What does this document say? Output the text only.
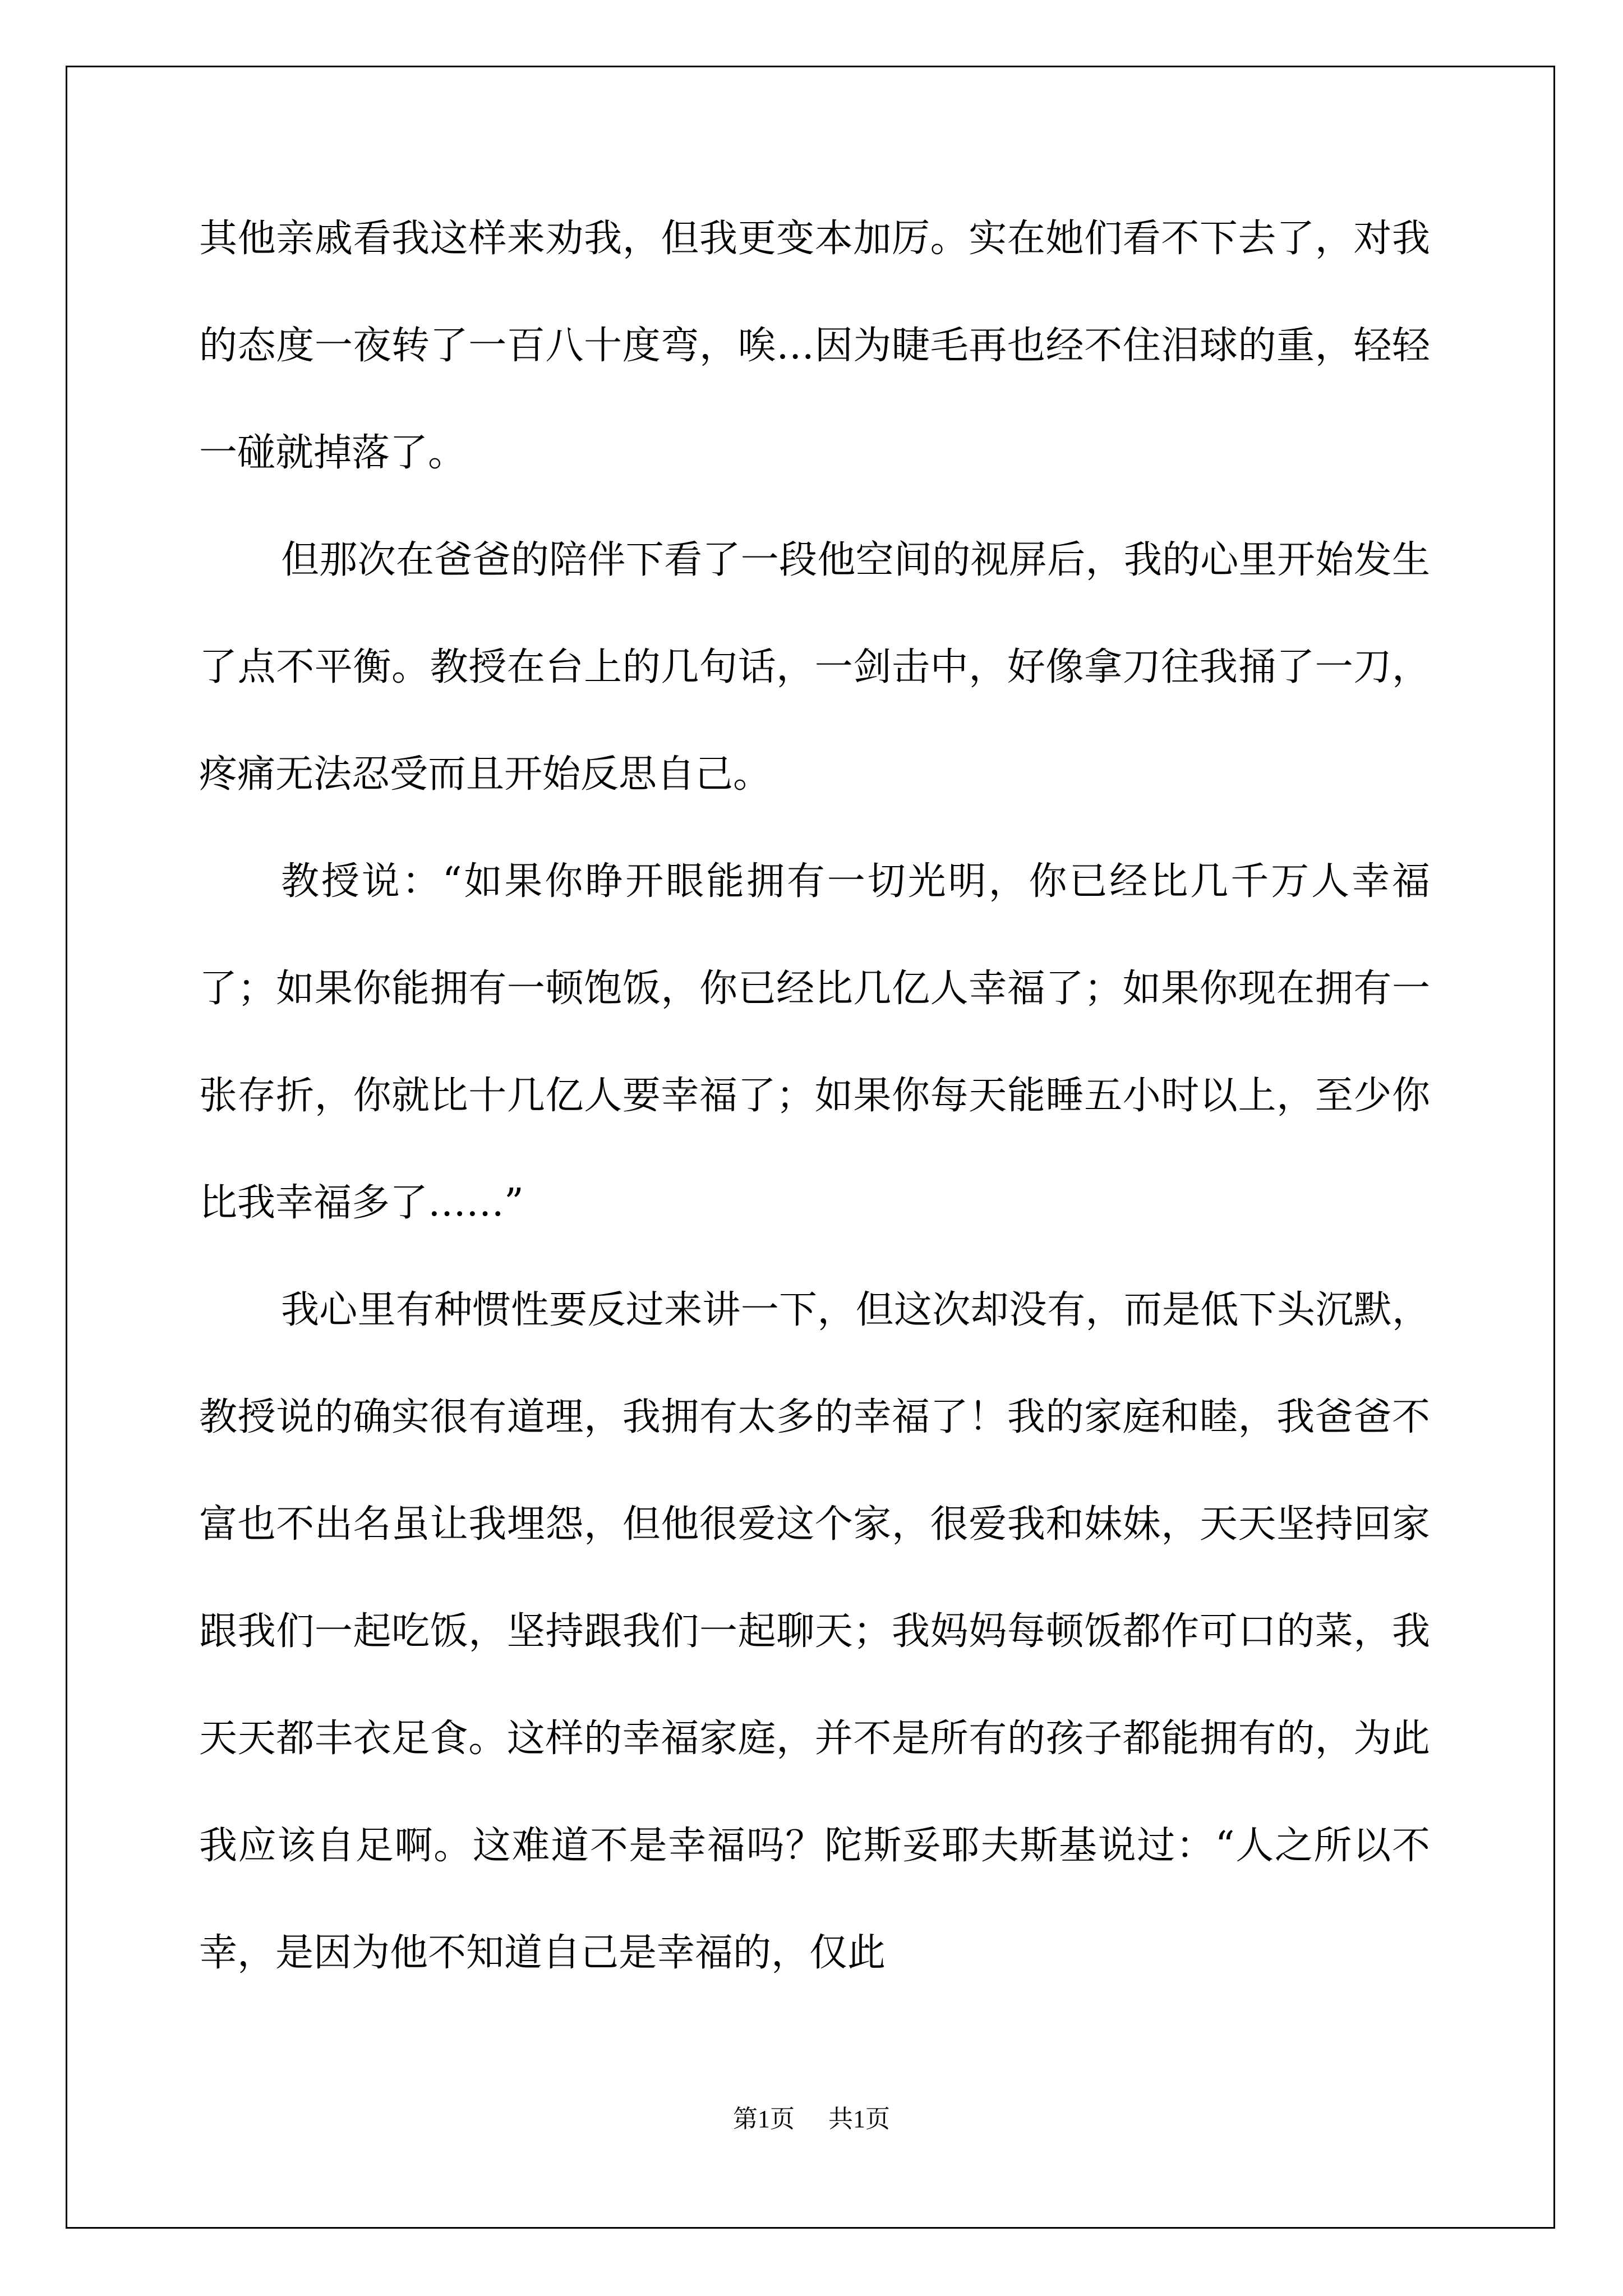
其他亲戚看我这样来劝我，但我更变本加厉。实在她们看不下去了，对我的态度一夜转了一百八十度弯，唉…因为睫毛再也经不住泪球的重，轻轻一碰就掉落了。

但那次在爸爸的陪伴下看了一段他空间的视屏后，我的心里开始发生了点不平衡。教授在台上的几句话，一剑击中，好像拿刀往我捅了一刀，疼痛无法忍受而且开始反思自己。

教授说：“如果你睁开眼能拥有一切光明，你已经比几千万人幸福了；如果你能拥有一顿饱饭，你已经比几亿人幸福了；如果你现在拥有一张存折，你就比十几亿人要幸福了；如果你每天能睡五小时以上，至少你比我幸福多了……”

我心里有种惯性要反过来讲一下，但这次却没有，而是低下头沉默，教授说的确实很有道理，我拥有太多的幸福了！我的家庭和睦，我爸爸不富也不出名虽让我埋怨，但他很爱这个家，很爱我和妹妹，天天坚持回家跟我们一起吃饭，坚持跟我们一起聊天；我妈妈每顿饭都作可口的菜，我天天都丰衣足食。这样的幸福家庭，并不是所有的孩子都能拥有的，为此我应该自足啊。这难道不是幸福吗？陀斯妥耶夫斯基说过：“人之所以不幸，是因为他不知道自己是幸福的，仅此

第1页 共1页
